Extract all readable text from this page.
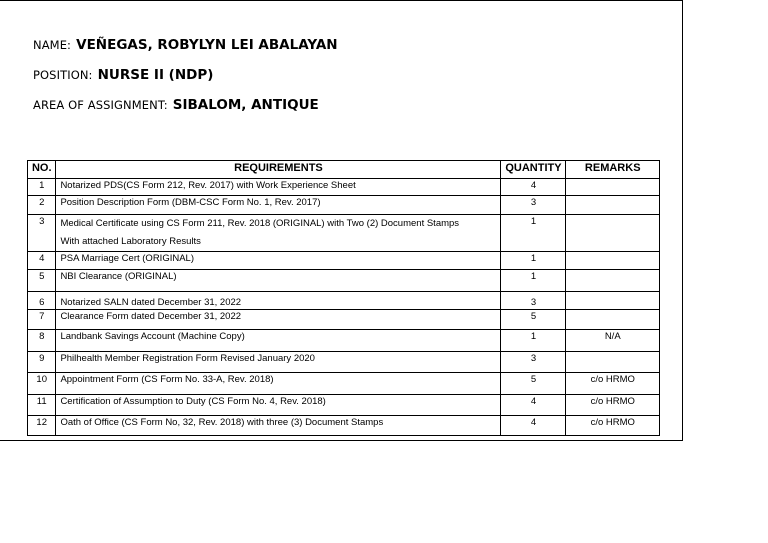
NAME: VEÑEGAS, ROBYLYN LEI ABALAYAN
POSITION: NURSE II (NDP)
AREA OF ASSIGNMENT: SIBALOM, ANTIQUE
NO.	REQUIREMENTS	QUANTITY	REMARKS
1	Notarized PDS(CS Form 212, Rev. 2017) with Work Experience Sheet	4	
2	Position Description Form (DBM-CSC Form No. 1, Rev. 2017)	3	
3	Medical Certificate using CS Form 211, Rev. 2018 (ORIGINAL) with Two (2) Document Stamps
With attached Laboratory Results	1	
4	PSA Marriage Cert (ORIGINAL)	1	
5	NBI Clearance (ORIGINAL)	1	
6	Notarized SALN dated December 31, 2022	3	
7	Clearance Form dated December 31, 2022	5	
8	Landbank Savings Account (Machine Copy)	1	N/A
9	Philhealth Member Registration Form Revised January 2020	3	
10	Appointment Form (CS Form No. 33-A, Rev. 2018)	5	c/o HRMO
11	Certification of Assumption to Duty (CS Form No. 4, Rev. 2018)	4	c/o HRMO
12	Oath of Office (CS Form No, 32, Rev. 2018) with three (3) Document Stamps	4	c/o HRMO
